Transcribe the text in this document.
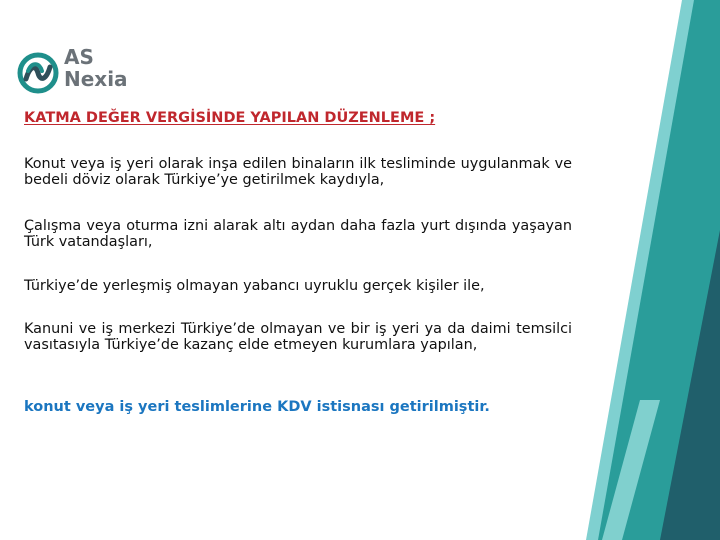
AS
Nexia
KATMA DEĞER VERGİSİNDE YAPILAN DÜZENLEME ;

Konut veya iş yeri olarak inşa edilen binaların ilk tesliminde uygulanmak ve bedeli döviz olarak Türkiye’ye getirilmek kaydıyla,

Çalışma veya oturma izni alarak altı aydan daha fazla yurt dışında yaşayan Türk vatandaşları,

Türkiye’de yerleşmiş olmayan yabancı uyruklu gerçek kişiler ile,

Kanuni ve iş merkezi Türkiye’de olmayan ve bir iş yeri ya da daimi temsilci vasıtasıyla Türkiye’de kazanç elde etmeyen kurumlara yapılan,

konut veya iş yeri teslimlerine KDV istisnası getirilmiştir.
